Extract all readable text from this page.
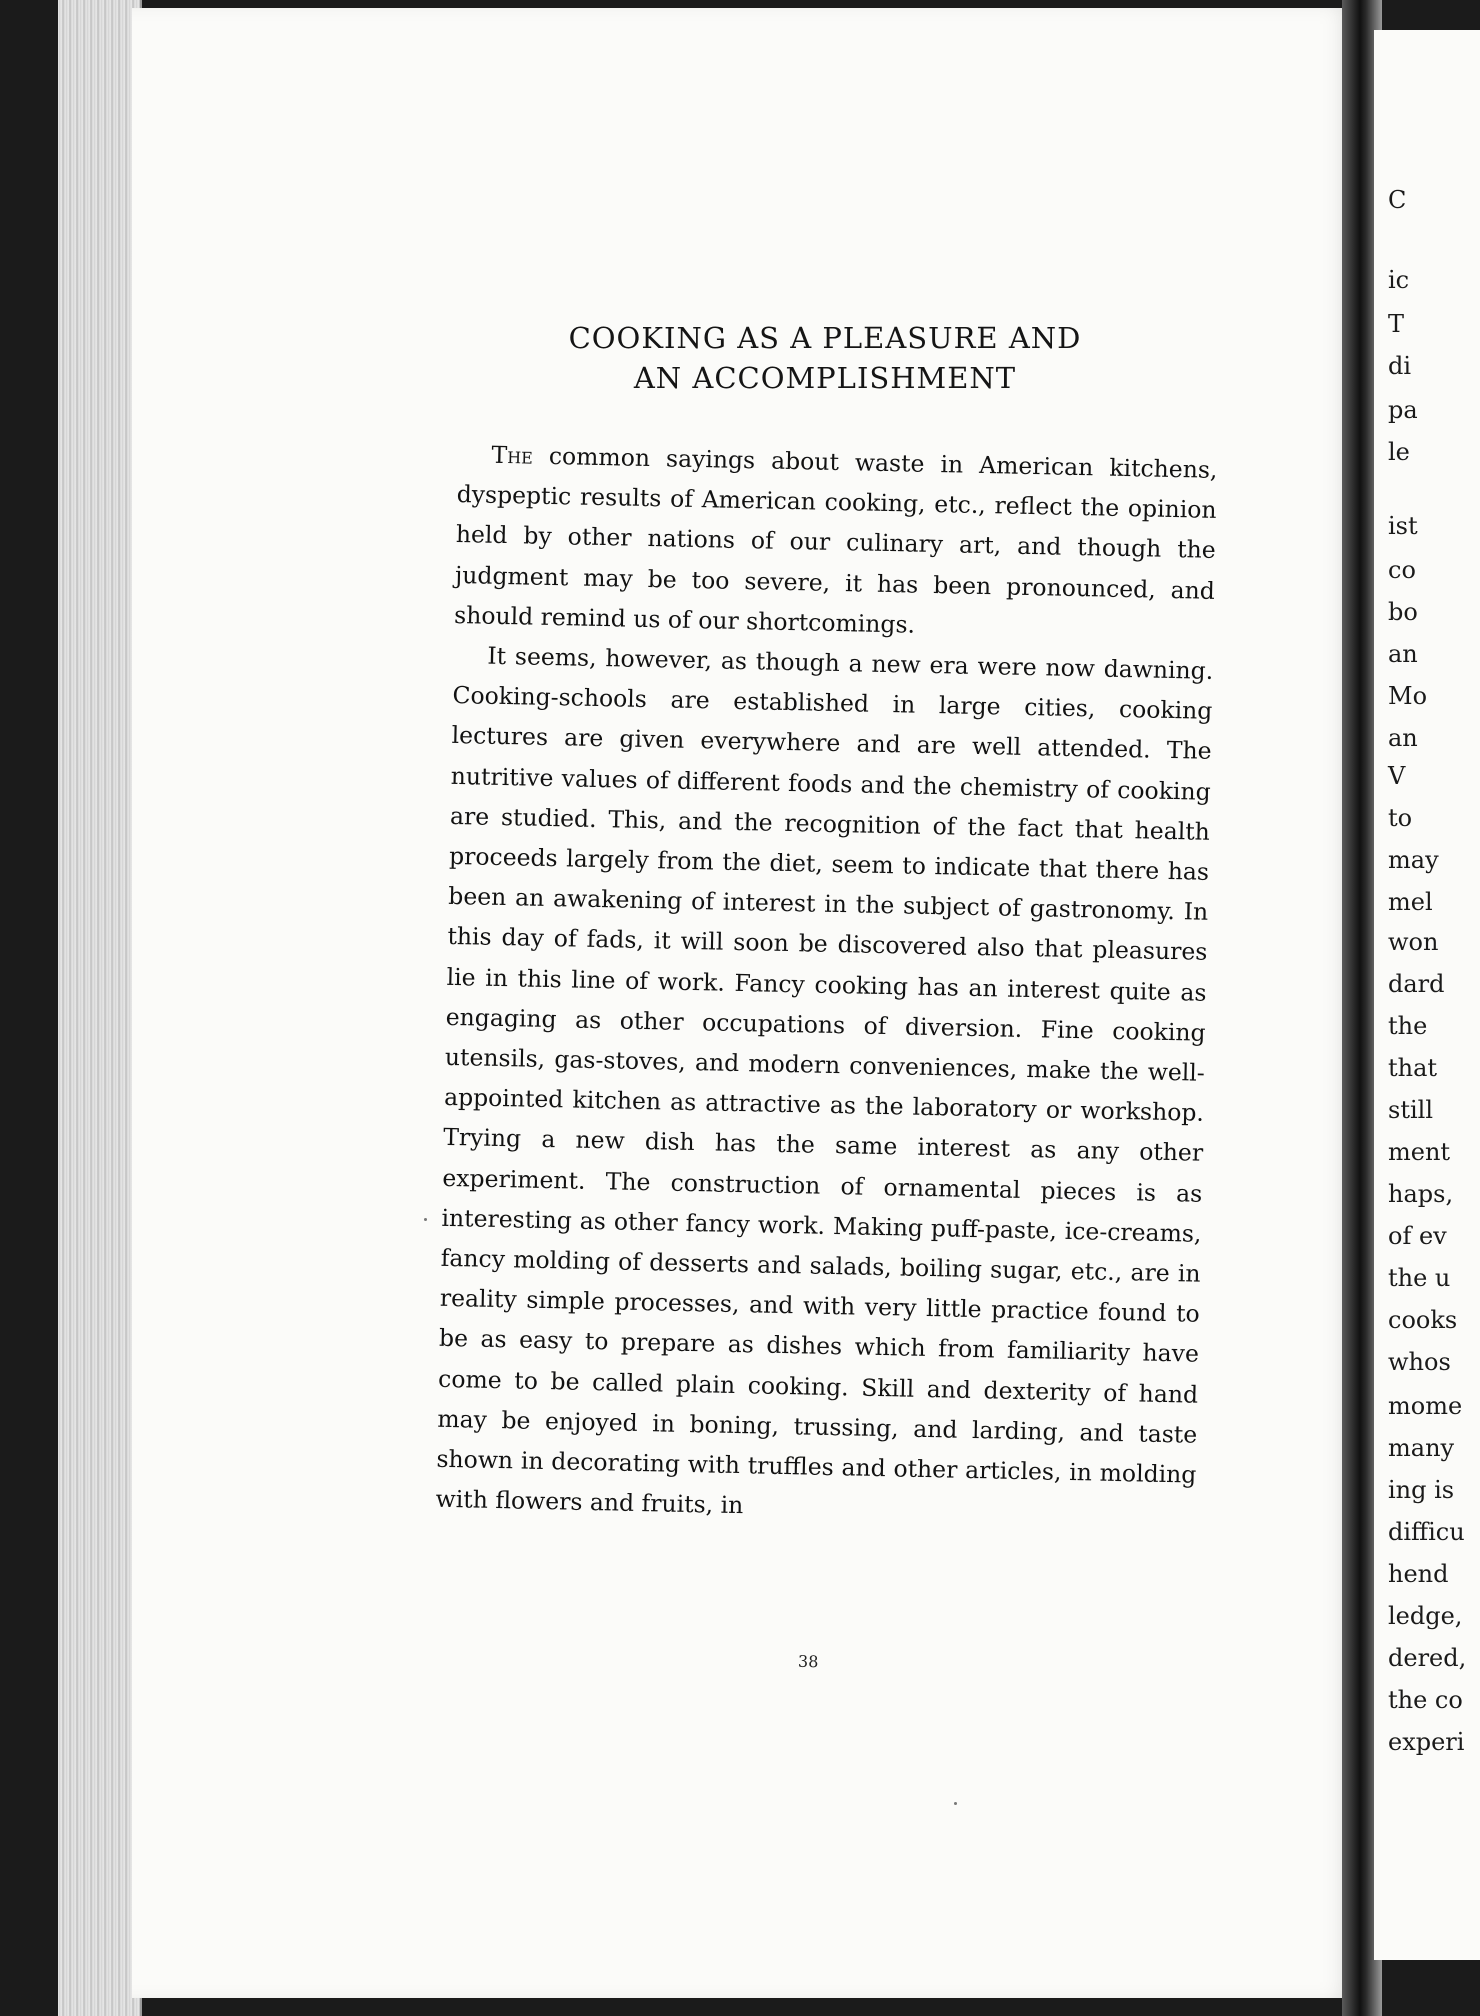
COOKING AS A PLEASURE AND
AN ACCOMPLISHMENT

The common sayings about waste in American kitchens, dyspeptic results of American cooking, etc., reflect the opinion held by other nations of our culinary art, and though the judgment may be too severe, it has been pronounced, and should remind us of our shortcomings.

It seems, however, as though a new era were now dawning. Cooking-schools are established in large cities, cooking lectures are given everywhere and are well attended. The nutritive values of different foods and the chemistry of cooking are studied. This, and the recognition of the fact that health proceeds largely from the diet, seem to indicate that there has been an awakening of interest in the subject of gastronomy. In this day of fads, it will soon be discovered also that pleasures lie in this line of work. Fancy cooking has an interest quite as engaging as other occupations of diversion. Fine cooking utensils, gas-stoves, and modern conveniences, make the well-appointed kitchen as attractive as the laboratory or workshop. Trying a new dish has the same interest as any other experiment. The construction of ornamental pieces is as interesting as other fancy work. Making puff-paste, ice-creams, fancy molding of desserts and salads, boiling sugar, etc., are in reality simple processes, and with very little practice found to be as easy to prepare as dishes which from familiarity have come to be called plain cooking. Skill and dexterity of hand may be enjoyed in boning, trussing, and larding, and taste shown in decorating with truffles and other articles, in molding with flowers and fruits, in

38
C
ic
T
di
pa
le
ist
co
bo
an
Mo
an
V
to
may
mel
won
dard
the
that
still
ment
haps,
of ev
the u
cooks
whos
mome
many
ing is
difficu
hend
ledge,
dered,
the co
experi
